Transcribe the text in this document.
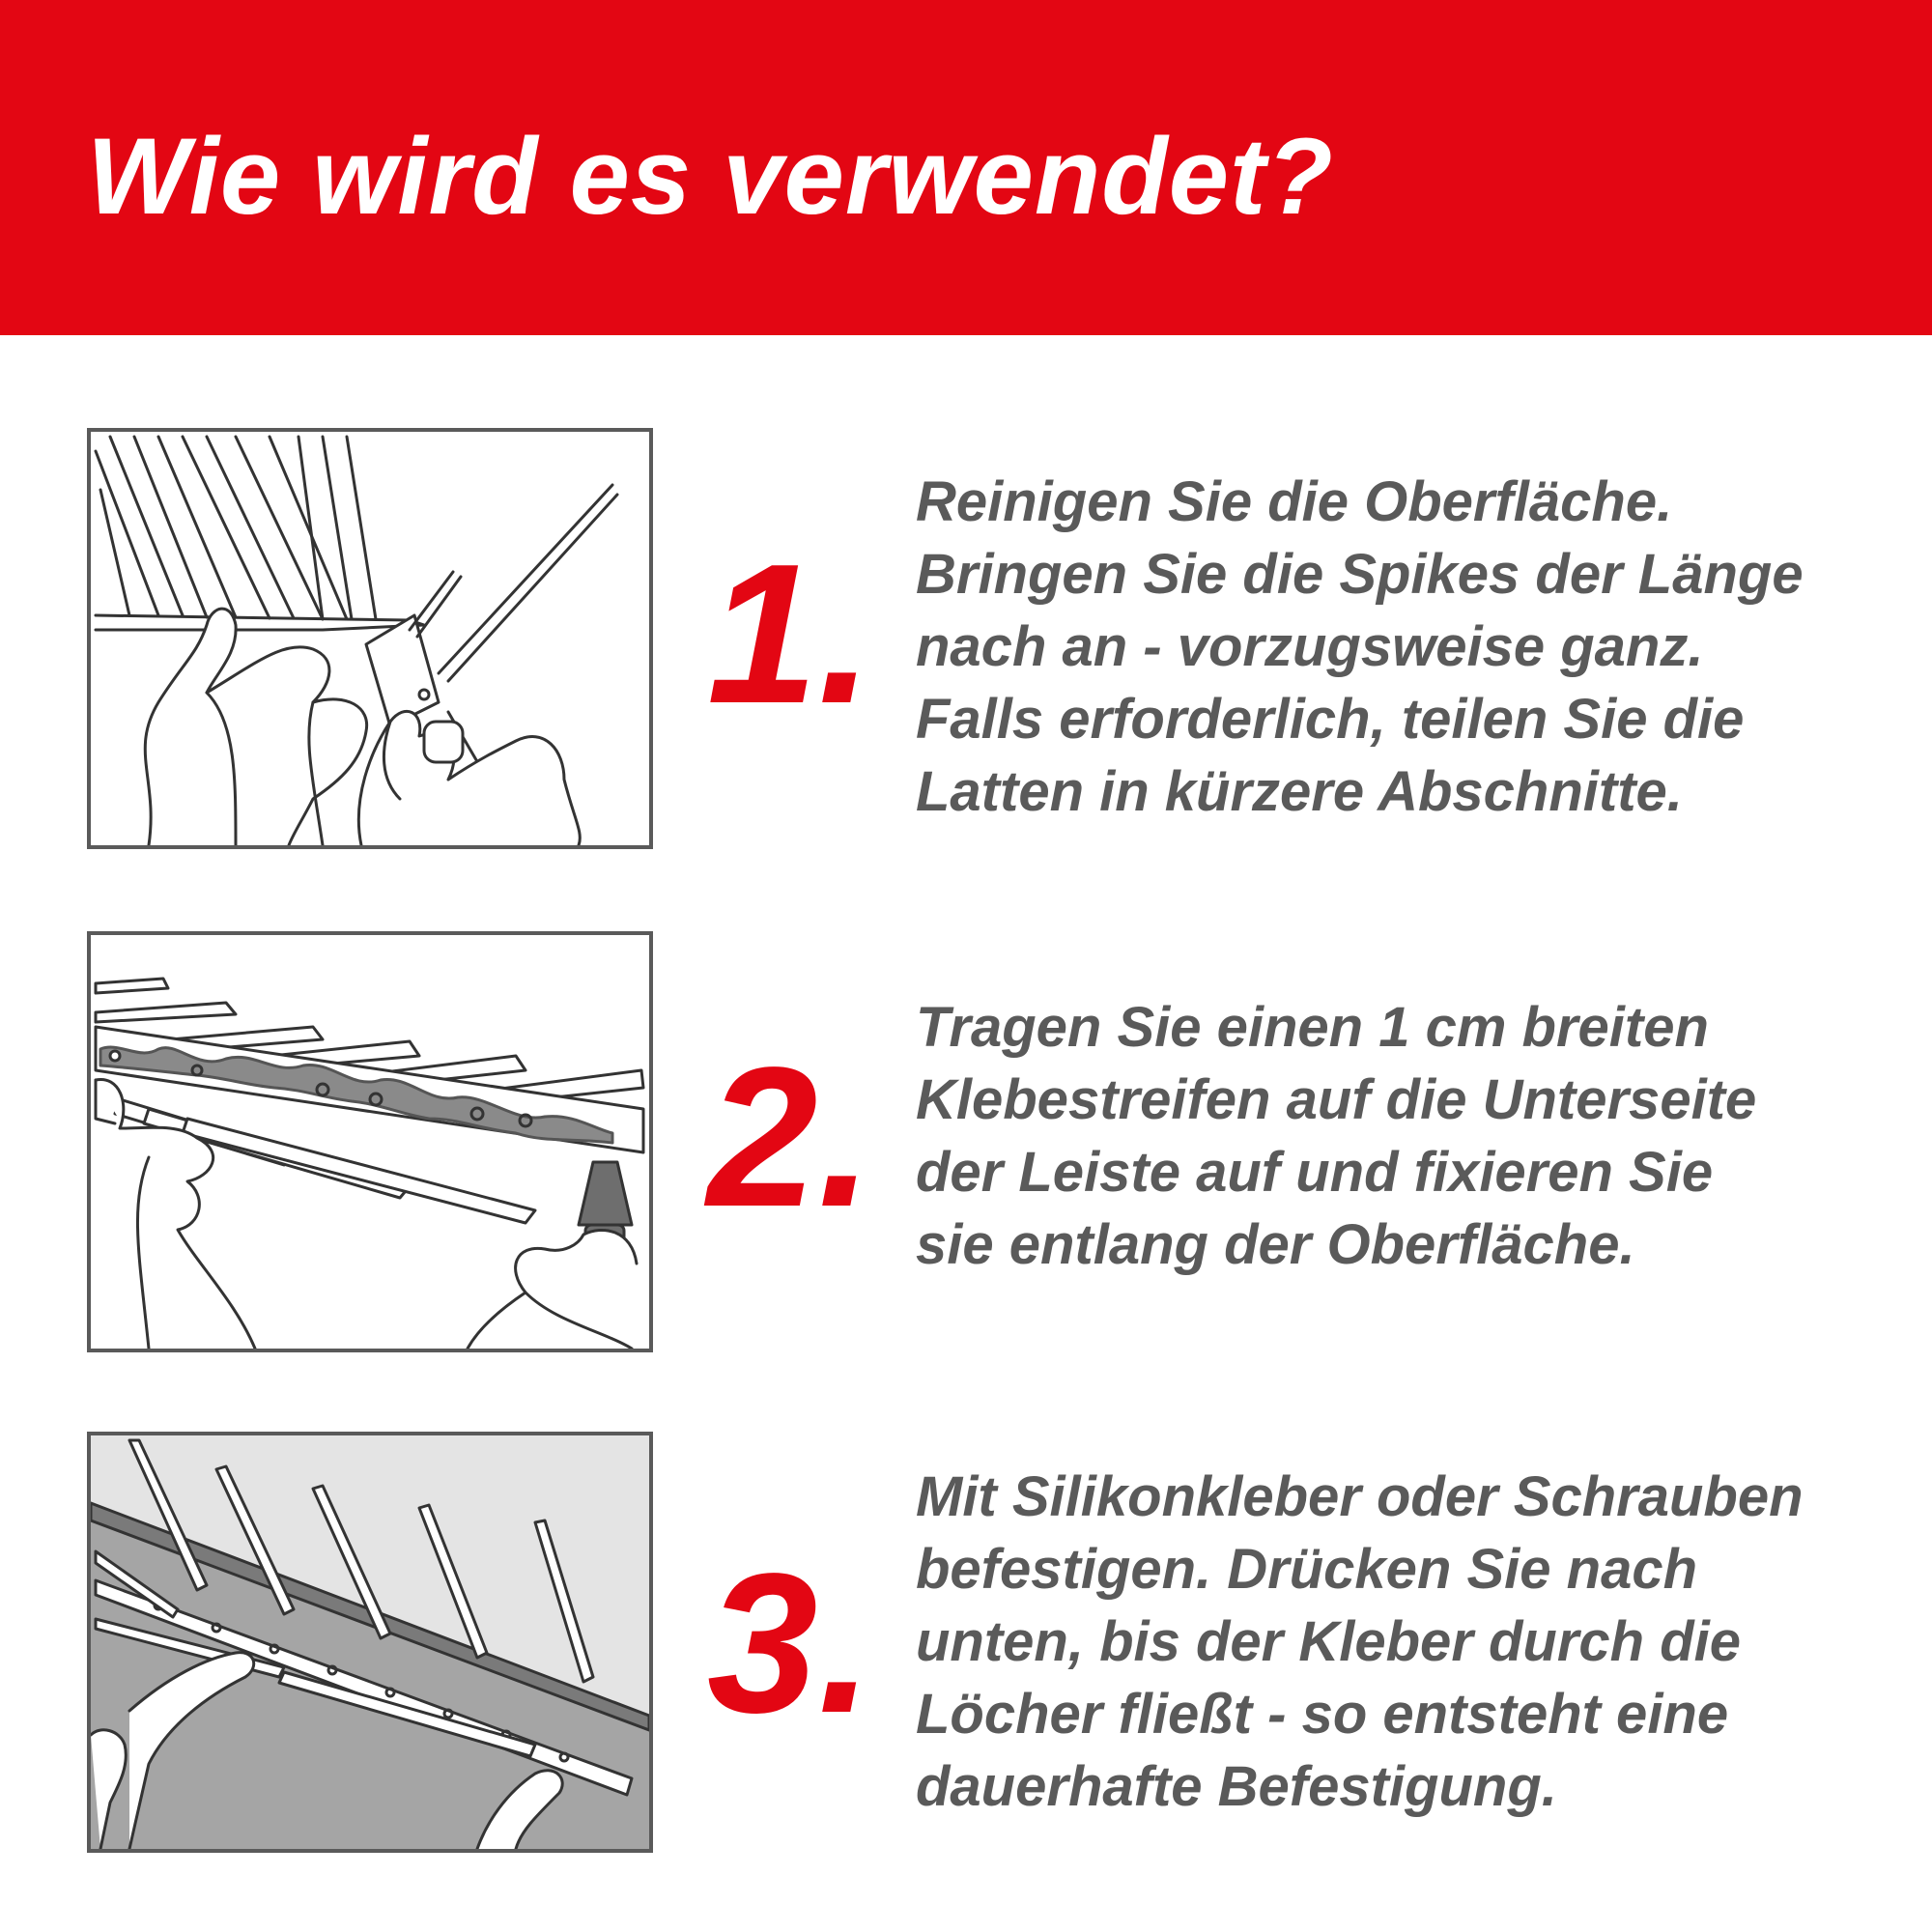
Wie wird es verwendet?
1.

Reinigen Sie die Oberfläche.
Bringen Sie die Spikes der Länge
nach an - vorzugsweise ganz.
Falls erforderlich, teilen Sie die
Latten in kürzere Abschnitte.

2. Tragen Sie einen 1 cm breiten
Klebestreifen auf die Unterseite
der Leiste auf und fixieren Sie
sie entlang der Oberfläche.

3.

Mit Silikonkleber oder Schrauben
befestigen. Drücken Sie nach
unten, bis der Kleber durch die
Löcher fließt - so entsteht eine
dauerhafte Befestigung.
